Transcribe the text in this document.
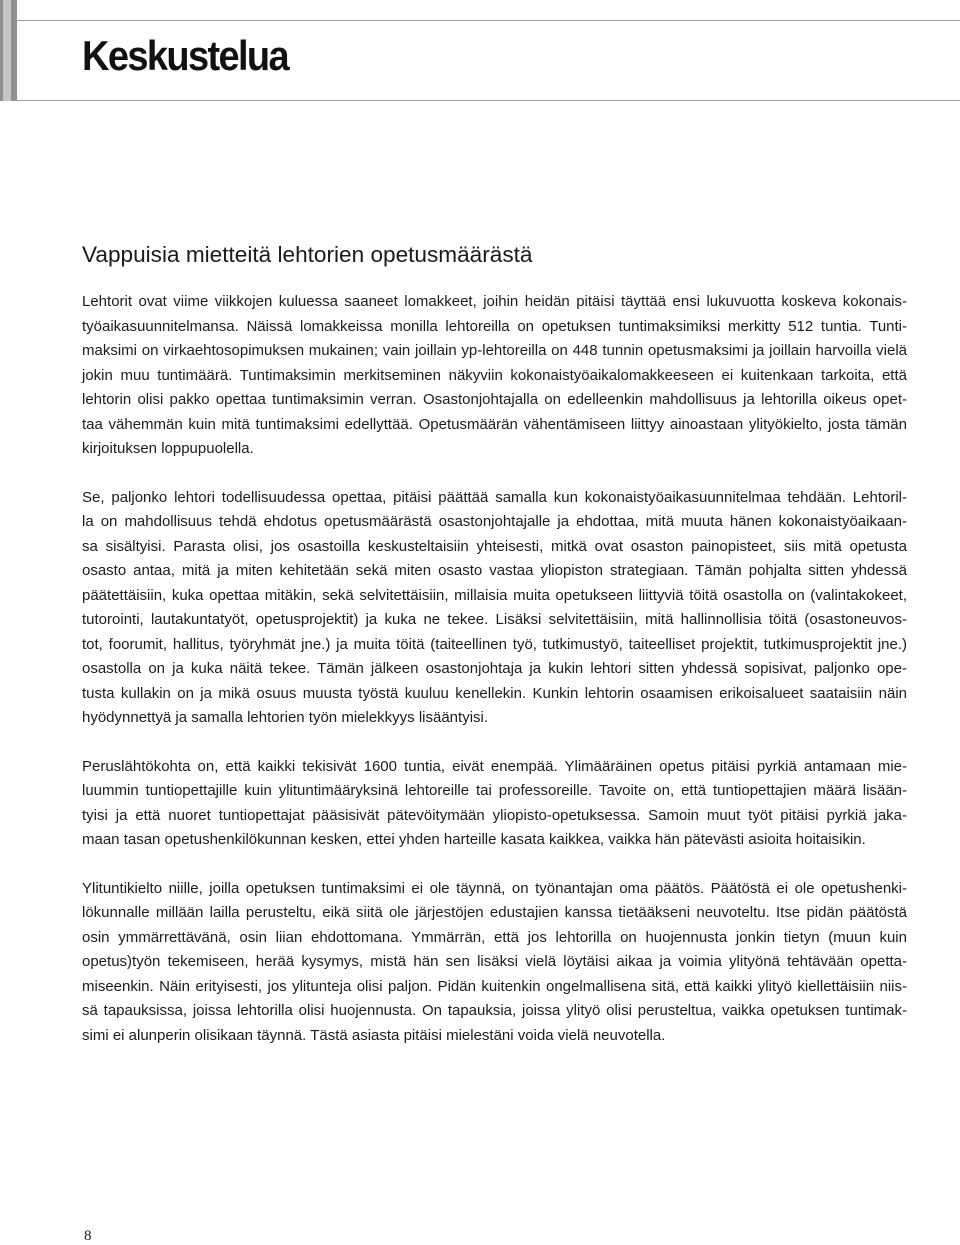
Keskustelua
Vappuisia mietteitä lehtorien opetusmäärästä
Lehtorit ovat viime viikkojen kuluessa saaneet lomakkeet, joihin heidän pitäisi täyttää ensi lukuvuotta koskeva kokonais-
työaikasuunnitelmansa. Näissä lomakkeissa monilla lehtoreilla on opetuksen tuntimaksimiksi merkitty 512 tuntia. Tunti-
maksimi on virkaehtosopimuksen mukainen; vain joillain yp-lehtoreilla on 448 tunnin opetusmaksimi ja joillain harvoilla vielä
jokin muu tuntimäärä. Tuntimaksimin merkitseminen näkyviin kokonaistyöaikalomakkeeseen ei kuitenkaan tarkoita, että
lehtorin olisi pakko opettaa tuntimaksimin verran. Osastonjohtajalla on edelleenkin mahdollisuus ja lehtorilla oikeus opet-
taa vähemmän kuin mitä tuntimaksimi edellyttää. Opetusmäärän vähentämiseen liittyy ainoastaan ylityökielto, josta tämän
kirjoituksen loppupuolella.
Se, paljonko lehtori todellisuudessa opettaa, pitäisi päättää samalla kun kokonaistyöaikasuunnitelmaa tehdään. Lehtoril-
la on mahdollisuus tehdä ehdotus opetusmäärästä osastonjohtajalle ja ehdottaa, mitä muuta hänen kokonaistyöaikaan-
sa sisältyisi. Parasta olisi, jos osastoilla keskusteltaisiin yhteisesti, mitkä ovat osaston painopisteet, siis mitä opetusta
osasto antaa, mitä ja miten kehitetään sekä miten osasto vastaa yliopiston strategiaan. Tämän pohjalta sitten yhdessä
päätettäisiin, kuka opettaa mitäkin, sekä selvitettäisiin, millaisia muita opetukseen liittyviä töitä osastolla on (valintakokeet,
tutorointi, lautakuntatyöt, opetusprojektit) ja kuka ne tekee. Lisäksi selvitettäisiin, mitä hallinnollisia töitä (osastoneuvos-
tot, foorumit, hallitus, työryhmät jne.) ja muita töitä (taiteellinen työ, tutkimustyö, taiteelliset projektit, tutkimusprojektit jne.)
osastolla on ja kuka näitä tekee. Tämän jälkeen osastonjohtaja ja kukin lehtori sitten yhdessä sopisivat, paljonko ope-
tusta kullakin on ja mikä osuus muusta työstä kuuluu kenellekin. Kunkin lehtorin osaamisen erikoisalueet saataisiin näin
hyödynnettyä ja samalla lehtorien työn mielekkyys lisääntyisi.
Peruslähtökohta on, että kaikki tekisivät 1600 tuntia, eivät enempää. Ylimääräinen opetus pitäisi pyrkiä antamaan mie-
luummin tuntiopettajille kuin ylituntimääryksinä lehtoreille tai professoreille. Tavoite on, että tuntiopettajien määrä lisään-
tyisi ja että nuoret tuntiopettajat pääsisivät pätevöitymään yliopisto-opetuksessa. Samoin muut työt pitäisi pyrkiä jaka-
maan tasan opetushenkilökunnan kesken, ettei yhden harteille kasata kaikkea, vaikka hän pätevästi asioita hoitaisikin.
Ylituntikielto niille, joilla opetuksen tuntimaksimi ei ole täynnä, on työnantajan oma päätös. Päätöstä ei ole opetushenki-
lökunnalle millään lailla perusteltu, eikä siitä ole järjestöjen edustajien kanssa tietääkseni neuvoteltu. Itse pidän päätöstä
osin ymmärrettävänä, osin liian ehdottomana. Ymmärrän, että jos lehtorilla on huojennusta jonkin tietyn (muun kuin
opetus)työn tekemiseen, herää kysymys, mistä hän sen lisäksi vielä löytäisi aikaa ja voimia ylityönä tehtävään opetta-
miseenkin. Näin erityisesti, jos ylitunteja olisi paljon. Pidän kuitenkin ongelmallisena sitä, että kaikki ylityö kiellettäisiin niis-
sä tapauksissa, joissa lehtorilla olisi huojennusta. On tapauksia, joissa ylityö olisi perusteltua, vaikka opetuksen tuntimak-
simi ei alunperin olisikaan täynnä. Tästä asiasta pitäisi mielestäni voida vielä neuvotella.
8
